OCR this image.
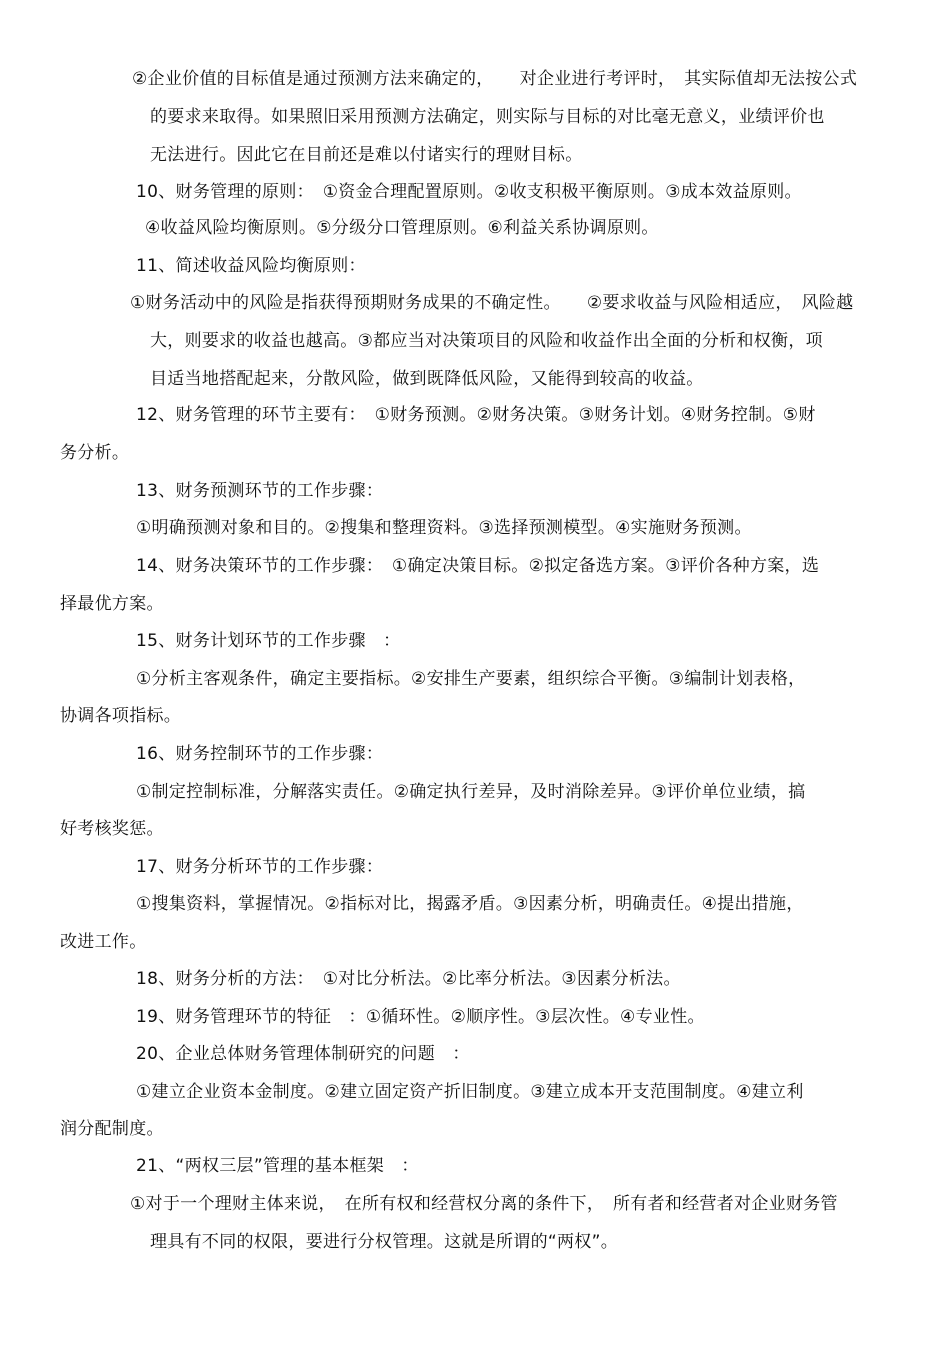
②企业价值的目标值是通过预测方法来确定的，　　对企业进行考评时，　其实际值却无法按公式
的要求来取得。如果照旧采用预测方法确定，则实际与目标的对比毫无意义，业绩评价也
无法进行。因此它在目前还是难以付诸实行的理财目标。
10、财务管理的原则：　①资金合理配置原则。②收支积极平衡原则。③成本效益原则。
④收益风险均衡原则。⑤分级分口管理原则。⑥利益关系协调原则。
11、简述收益风险均衡原则：
①财务活动中的风险是指获得预期财务成果的不确定性。　　②要求收益与风险相适应，　风险越
大，则要求的收益也越高。③都应当对决策项目的风险和收益作出全面的分析和权衡，项
目适当地搭配起来，分散风险，做到既降低风险，又能得到较高的收益。
12、财务管理的环节主要有：　①财务预测。②财务决策。③财务计划。④财务控制。⑤财
务分析。
13、财务预测环节的工作步骤：
①明确预测对象和目的。②搜集和整理资料。③选择预测模型。④实施财务预测。
14、财务决策环节的工作步骤：　①确定决策目标。②拟定备选方案。③评价各种方案，选
择最优方案。
15、财务计划环节的工作步骤　：
①分析主客观条件，确定主要指标。②安排生产要素，组织综合平衡。③编制计划表格，
协调各项指标。
16、财务控制环节的工作步骤：
①制定控制标准，分解落实责任。②确定执行差异，及时消除差异。③评价单位业绩，搞
好考核奖惩。
17、财务分析环节的工作步骤：
①搜集资料，掌握情况。②指标对比，揭露矛盾。③因素分析，明确责任。④提出措施，
改进工作。
18、财务分析的方法：　①对比分析法。②比率分析法。③因素分析法。
19、财务管理环节的特征　：①循环性。②顺序性。③层次性。④专业性。
20、企业总体财务管理体制研究的问题　：
①建立企业资本金制度。②建立固定资产折旧制度。③建立成本开支范围制度。④建立利
润分配制度。
21、“两权三层”管理的基本框架　：
①对于一个理财主体来说，　在所有权和经营权分离的条件下，　所有者和经营者对企业财务管
理具有不同的权限，要进行分权管理。这就是所谓的“两权”。
